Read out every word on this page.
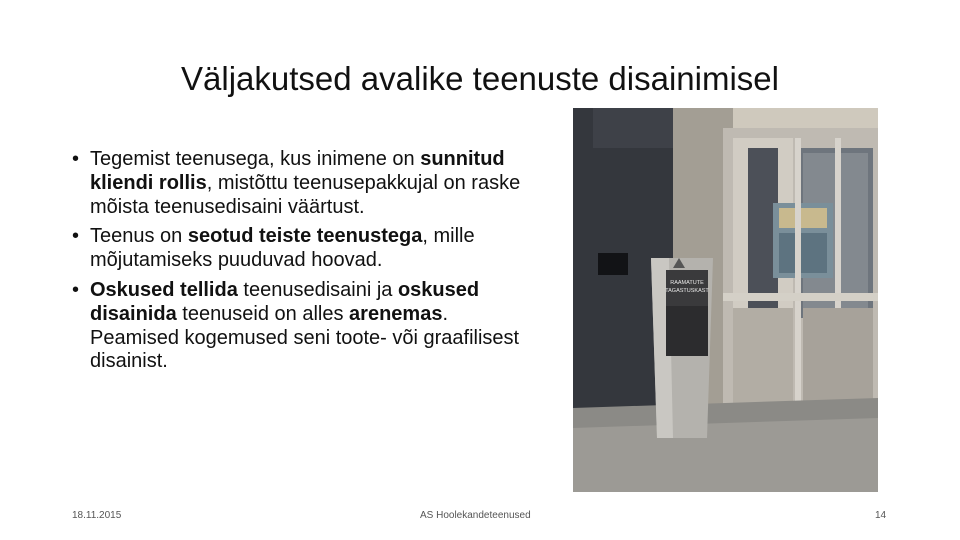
Väljakutsed avalike teenuste disainimisel
• Tegemist teenusega, kus inimene on sunnitud kliendi rollis, mistõttu teenusepakkujal on raske mõista teenusedisaini väärtust.
• Teenus on seotud teiste teenustega, mille mõjutamiseks puuduvad hoovad.
• Oskused tellida teenusedisaini ja oskused disainida teenuseid on alles arenemas. Peamised kogemused seni toote- või graafilisest disainist.
RAAMATUTE
TAGASTUSKAST
18.11.2015	AS Hoolekandeteenused	14
